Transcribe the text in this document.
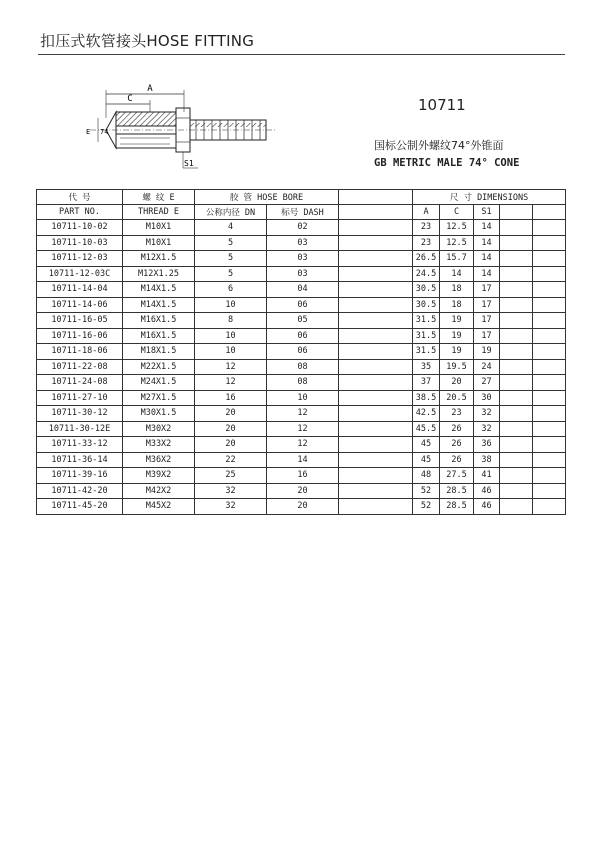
扣压式软管接头HOSE FITTING
A
C
E 74
S1
10711
国标公制外螺纹74°外锥面
GB METRIC MALE 74° CONE
代 号	螺 纹 E	胶 管 HOSE BORE			尺 寸 DIMENSIONS				
PART NO.	THREAD E	公称内径 DN	标号 DASH		A	C	S1		
10711-10-02	M10X1	4	02		23	12.5	14		
10711-10-03	M10X1	5	03		23	12.5	14		
10711-12-03	M12X1.5	5	03		26.5	15.7	14		
10711-12-03C	M12X1.25	5	03		24.5	14	14		
10711-14-04	M14X1.5	6	04		30.5	18	17		
10711-14-06	M14X1.5	10	06		30.5	18	17		
10711-16-05	M16X1.5	8	05		31.5	19	17		
10711-16-06	M16X1.5	10	06		31.5	19	17		
10711-18-06	M18X1.5	10	06		31.5	19	19		
10711-22-08	M22X1.5	12	08		35	19.5	24		
10711-24-08	M24X1.5	12	08		37	20	27		
10711-27-10	M27X1.5	16	10		38.5	20.5	30		
10711-30-12	M30X1.5	20	12		42.5	23	32		
10711-30-12E	M30X2	20	12		45.5	26	32		
10711-33-12	M33X2	20	12		45	26	36		
10711-36-14	M36X2	22	14		45	26	38		
10711-39-16	M39X2	25	16		48	27.5	41		
10711-42-20	M42X2	32	20		52	28.5	46		
10711-45-20	M45X2	32	20		52	28.5	46		
